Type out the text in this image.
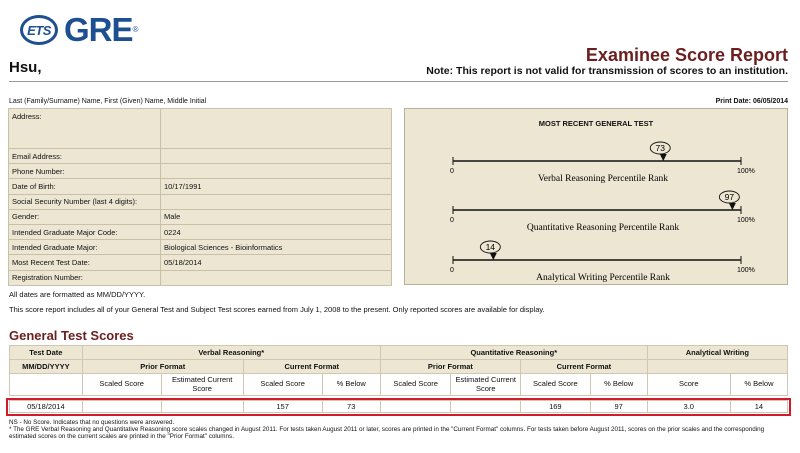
ETS GRE®
Examinee Score Report
Hsu,	Note: This report is not valid for transmission of scores to an institution.
Last (Family/Surname) Name, First (Given) Name, Middle Initial	Print Date: 06/05/2014
Address:	
Email Address:	
Phone Number:	
Date of Birth:	10/17/1991
Social Security Number (last 4 digits):	
Gender:	Male
Intended Graduate Major Code:	0224
Intended Graduate Major:	Biological Sciences - Bioinformatics
Most Recent Test Date:	05/18/2014
Registration Number:	
MOST RECENT GENERAL TEST
0	100%
73
Verbal Reasoning Percentile Rank
0	100%
97
Quantitative Reasoning Percentile Rank
0	100%
14
Analytical Writing Percentile Rank
All dates are formatted as MM/DD/YYYY.
This score report includes all of your General Test and Subject Test scores earned from July 1, 2008 to the present. Only reported scores are available for display.
General Test Scores
Test Date	Verbal Reasoning*				Quantitative Reasoning*				Analytical Writing	
MM/DD/YYYY	Prior Format		Current Format		Prior Format		Current Format			
	Scaled Score	Estimated Current Score	Scaled Score	% Below	Scaled Score	Estimated Current Score	Scaled Score	% Below	Score	% Below

05/18/2014			157	73			169	97	3.0	14
NS - No Score. Indicates that no questions were answered.
* The GRE Verbal Reasoning and Quantitative Reasoning score scales changed in August 2011. For tests taken August 2011 or later, scores are printed in the "Current Format" columns. For tests taken before August 2011, scores on the prior scales and the corresponding estimated scores on the current scales are printed in the "Prior Format" columns.
